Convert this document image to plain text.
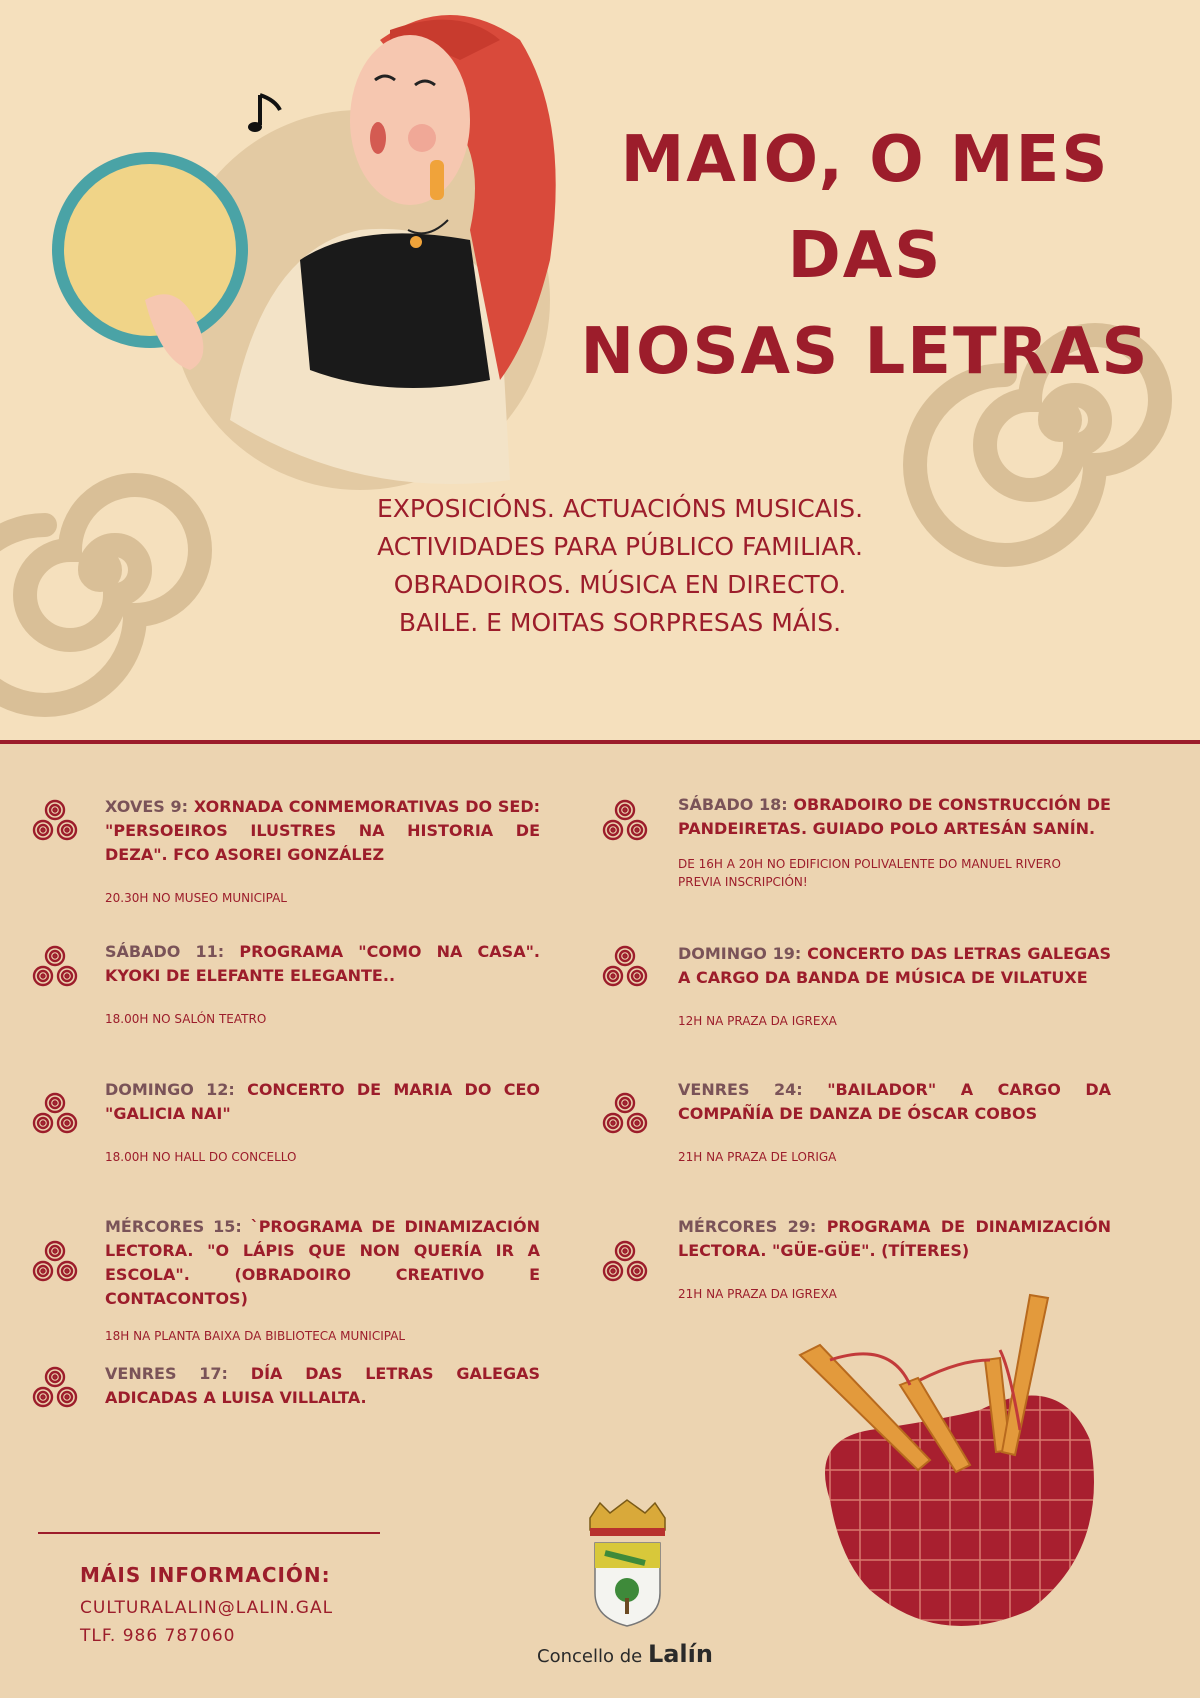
MAIO, O MES DAS
NOSAS LETRAS
EXPOSICIÓNS. ACTUACIÓNS MUSICAIS.
ACTIVIDADES PARA PÚBLICO FAMILIAR.
OBRADOIROS. MÚSICA EN DIRECTO.
BAILE. E MOITAS SORPRESAS MÁIS.
XOVES 9: XORNADA CONMEMORATIVAS DO SED: "PERSOEIROS ILUSTRES NA HISTORIA DE DEZA". FCO ASOREI GONZÁLEZ
20.30H NO MUSEO MUNICIPAL
SÁBADO 11: PROGRAMA "COMO NA CASA". KYOKI DE ELEFANTE ELEGANTE..
18.00H NO SALÓN TEATRO
DOMINGO 12: CONCERTO DE MARIA DO CEO "GALICIA NAI"
18.00H NO HALL DO CONCELLO
MÉRCORES 15: `PROGRAMA DE DINAMIZACIÓN LECTORA. "O LÁPIS QUE NON QUERÍA IR A ESCOLA". (OBRADOIRO CREATIVO E CONTACONTOS)
18H NA PLANTA BAIXA DA BIBLIOTECA MUNICIPAL
VENRES 17: DÍA DAS LETRAS GALEGAS ADICADAS A LUISA VILLALTA.
SÁBADO 18: OBRADOIRO DE CONSTRUCCIÓN DE PANDEIRETAS. GUIADO POLO ARTESÁN SANÍN.
DE 16H A 20H NO EDIFICION POLIVALENTE DO MANUEL RIVERO
PREVIA INSCRIPCIÓN!
DOMINGO 19: CONCERTO DAS LETRAS GALEGAS A CARGO DA BANDA DE MÚSICA DE VILATUXE
12H NA PRAZA DA IGREXA
VENRES 24: "BAILADOR" A CARGO DA COMPAÑÍA DE DANZA DE ÓSCAR COBOS
21H NA PRAZA DE LORIGA
MÉRCORES 29: PROGRAMA DE DINAMIZACIÓN LECTORA. "GÜE-GÜE". (TÍTERES)
21H NA PRAZA DA IGREXA
MÁIS INFORMACIÓN:
CULTURALALIN@LALIN.GAL
TLF. 986 787060
Concello de Lalín
